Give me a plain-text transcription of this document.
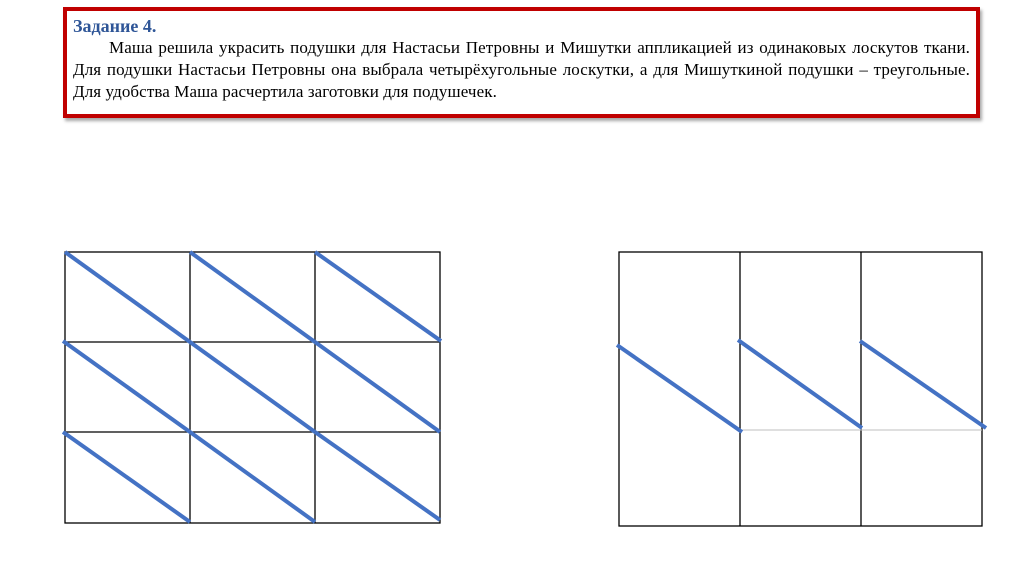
Задание 4.

Маша решила украсить подушки для Настасьи Петровны и Мишутки аппликацией из одинаковых лоскутов ткани. Для подушки Настасьи Петровны она выбрала четырёхугольные лоскутки, а для Мишуткиной подушки – треугольные. Для удобства Маша расчертила заготовки для подушечек.
